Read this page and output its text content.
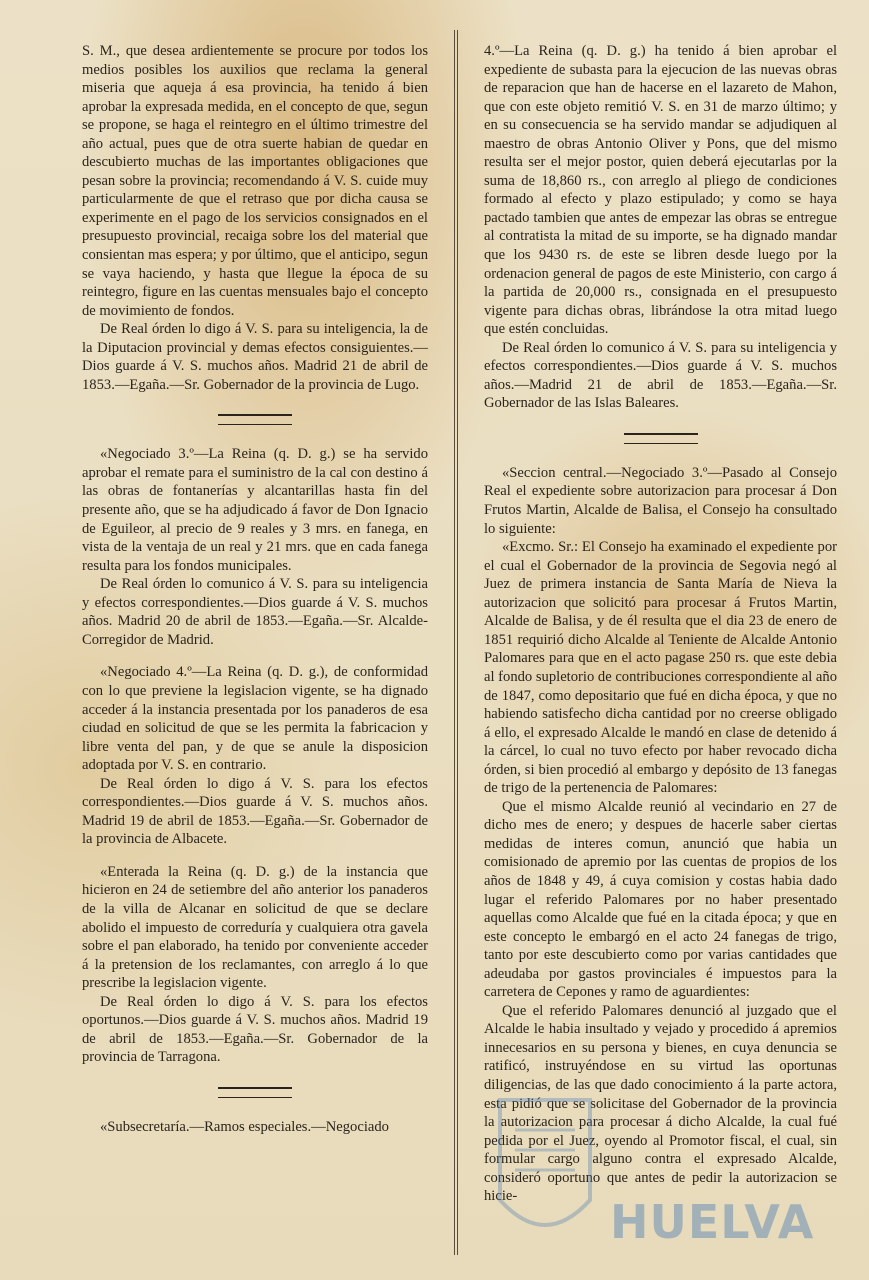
S. M., que desea ardientemente se procure por todos los medios posibles los auxilios que reclama la general miseria que aqueja á esa provincia, ha tenido á bien aprobar la expresada medida, en el concepto de que, segun se propone, se haga el reintegro en el último trimestre del año actual, pues que de otra suerte habian de quedar en descubierto muchas de las importantes obligaciones que pesan sobre la provincia; recomendando á V. S. cuide muy particularmente de que el retraso que por dicha causa se experimente en el pago de los servicios consignados en el presupuesto provincial, recaiga sobre los del material que consientan mas espera; y por último, que el anticipo, segun se vaya haciendo, y hasta que llegue la época de su reintegro, figure en las cuentas mensuales bajo el concepto de movimiento de fondos.

De Real órden lo digo á V. S. para su inteligencia, la de la Diputacion provincial y demas efectos consiguientes.—Dios guarde á V. S. muchos años. Madrid 21 de abril de 1853.—Egaña.—Sr. Gobernador de la provincia de Lugo.

«Negociado 3.º—La Reina (q. D. g.) se ha servido aprobar el remate para el suministro de la cal con destino á las obras de fontanerías y alcantarillas hasta fin del presente año, que se ha adjudicado á favor de Don Ignacio de Eguileor, al precio de 9 reales y 3 mrs. en fanega, en vista de la ventaja de un real y 21 mrs. que en cada fanega resulta para los fondos municipales.

De Real órden lo comunico á V. S. para su inteligencia y efectos correspondientes.—Dios guarde á V. S. muchos años. Madrid 20 de abril de 1853.—Egaña.—Sr. Alcalde-Corregidor de Madrid.

«Negociado 4.º—La Reina (q. D. g.), de conformidad con lo que previene la legislacion vigente, se ha dignado acceder á la instancia presentada por los panaderos de esa ciudad en solicitud de que se les permita la fabricacion y libre venta del pan, y de que se anule la disposicion adoptada por V. S. en contrario.

De Real órden lo digo á V. S. para los efectos correspondientes.—Dios guarde á V. S. muchos años. Madrid 19 de abril de 1853.—Egaña.—Sr. Gobernador de la provincia de Albacete.

«Enterada la Reina (q. D. g.) de la instancia que hicieron en 24 de setiembre del año anterior los panaderos de la villa de Alcanar en solicitud de que se declare abolido el impuesto de correduría y cualquiera otra gavela sobre el pan elaborado, ha tenido por conveniente acceder á la pretension de los reclamantes, con arreglo á lo que prescribe la legislacion vigente.

De Real órden lo digo á V. S. para los efectos oportunos.—Dios guarde á V. S. muchos años. Madrid 19 de abril de 1853.—Egaña.—Sr. Gobernador de la provincia de Tarragona.

«Subsecretaría.—Ramos especiales.—Negociado

4.º—La Reina (q. D. g.) ha tenido á bien aprobar el expediente de subasta para la ejecucion de las nuevas obras de reparacion que han de hacerse en el lazareto de Mahon, que con este objeto remitió V. S. en 31 de marzo último; y en su consecuencia se ha servido mandar se adjudiquen al maestro de obras Antonio Oliver y Pons, que del mismo resulta ser el mejor postor, quien deberá ejecutarlas por la suma de 18,860 rs., con arreglo al pliego de condiciones formado al efecto y plazo estipulado; y como se haya pactado tambien que antes de empezar las obras se entregue al contratista la mitad de su importe, se ha dignado mandar que los 9430 rs. de este se libren desde luego por la ordenacion general de pagos de este Ministerio, con cargo á la partida de 20,000 rs., consignada en el presupuesto vigente para dichas obras, librándose la otra mitad luego que estén concluidas.

De Real órden lo comunico á V. S. para su inteligencia y efectos correspondientes.—Dios guarde á V. S. muchos años.—Madrid 21 de abril de 1853.—Egaña.—Sr. Gobernador de las Islas Baleares.

«Seccion central.—Negociado 3.º—Pasado al Consejo Real el expediente sobre autorizacion para procesar á Don Frutos Martin, Alcalde de Balisa, el Consejo ha consultado lo siguiente:

«Excmo. Sr.: El Consejo ha examinado el expediente por el cual el Gobernador de la provincia de Segovia negó al Juez de primera instancia de Santa María de Nieva la autorizacion que solicitó para procesar á Frutos Martin, Alcalde de Balisa, y de él resulta que el dia 23 de enero de 1851 requirió dicho Alcalde al Teniente de Alcalde Antonio Palomares para que en el acto pagase 250 rs. que este debia al fondo supletorio de contribuciones correspondiente al año de 1847, como depositario que fué en dicha época, y que no habiendo satisfecho dicha cantidad por no creerse obligado á ello, el expresado Alcalde le mandó en clase de detenido á la cárcel, lo cual no tuvo efecto por haber revocado dicha órden, si bien procedió al embargo y depósito de 13 fanegas de trigo de la pertenencia de Palomares:

Que el mismo Alcalde reunió al vecindario en 27 de dicho mes de enero; y despues de hacerle saber ciertas medidas de interes comun, anunció que habia un comisionado de apremio por las cuentas de propios de los años de 1848 y 49, á cuya comision y costas habia dado lugar el referido Palomares por no haber presentado aquellas como Alcalde que fué en la citada época; y que en este concepto le embargó en el acto 24 fanegas de trigo, tanto por este descubierto como por varias cantidades que adeudaba por gastos provinciales é impuestos para la carretera de Cepones y ramo de aguardientes:

Que el referido Palomares denunció al juzgado que el Alcalde le habia insultado y vejado y procedido á apremios innecesarios en su persona y bienes, en cuya denuncia se ratificó, instruyéndose en su virtud las oportunas diligencias, de las que dado conocimiento á la parte actora, esta pidió que se solicitase del Gobernador de la provincia la autorizacion para procesar á dicho Alcalde, la cual fué pedida por el Juez, oyendo al Promotor fiscal, el cual, sin formular cargo alguno contra el expresado Alcalde, consideró oportuno que antes de pedir la autorizacion se hicie-	HUELVA
